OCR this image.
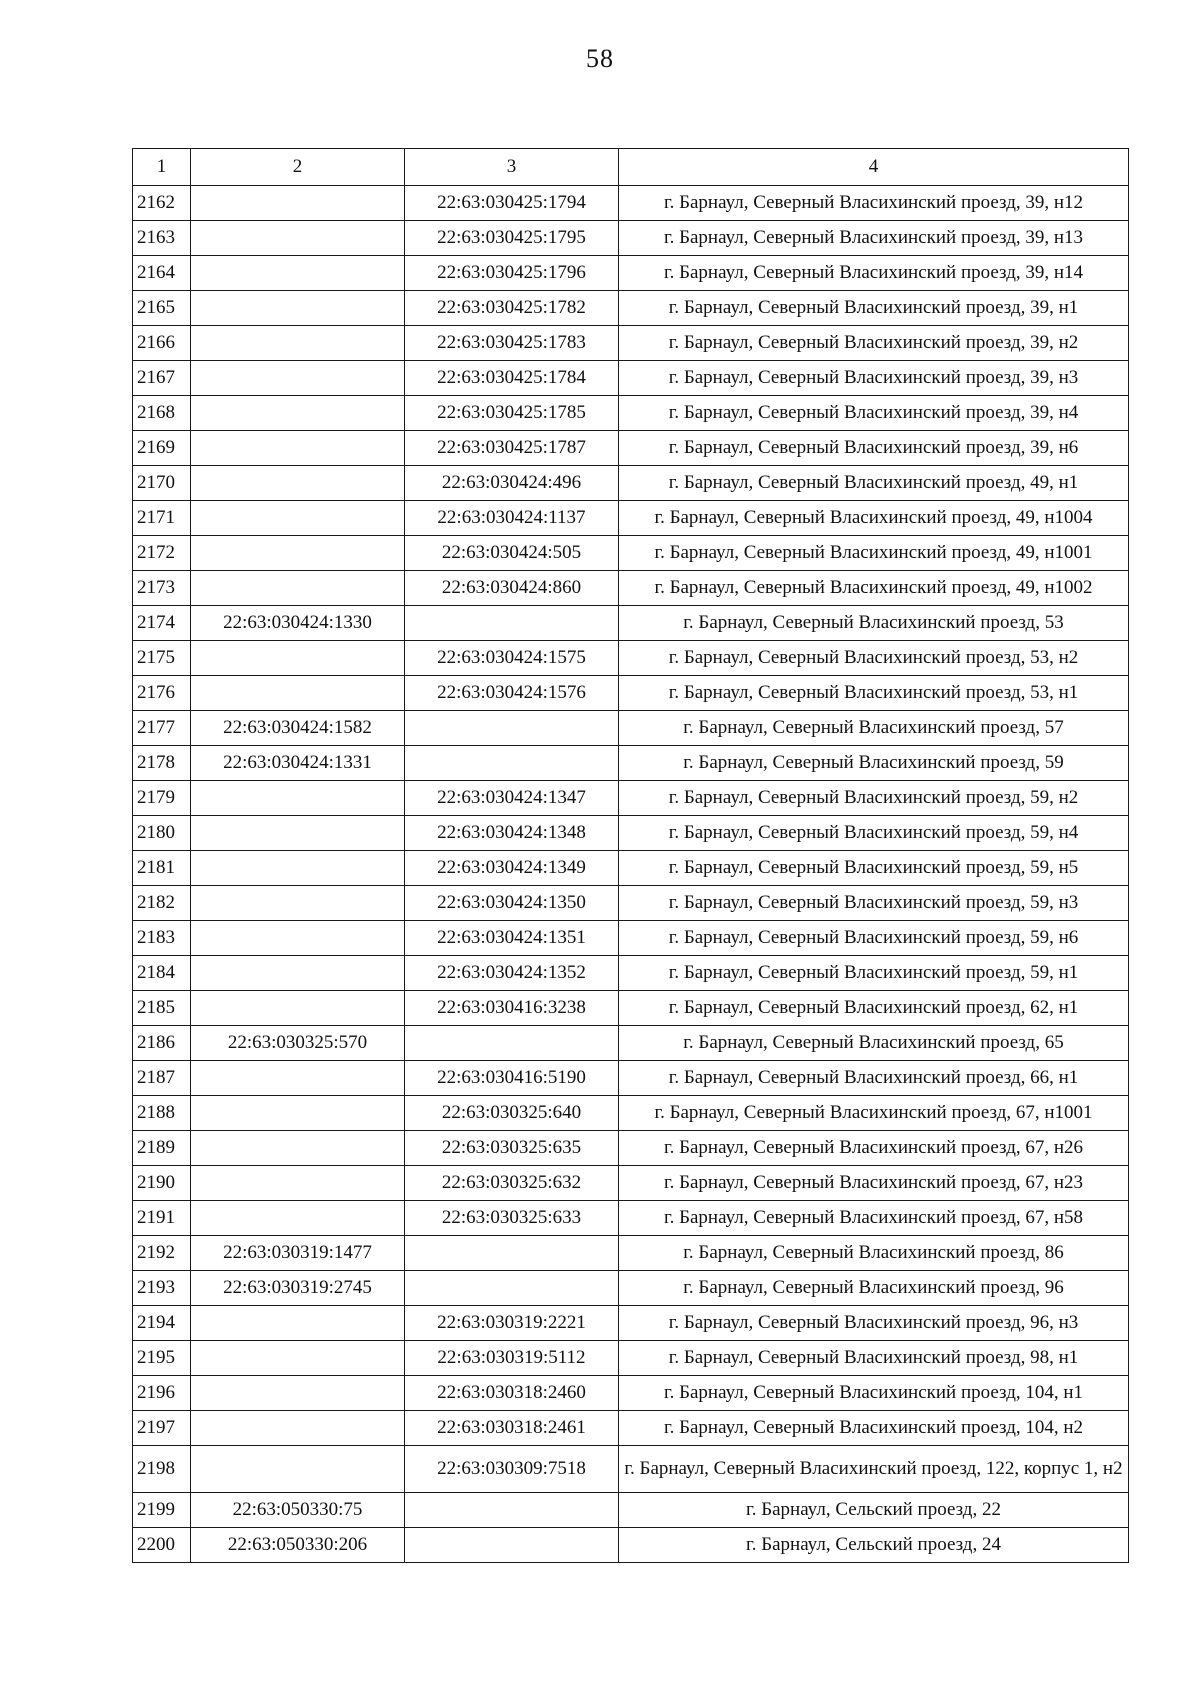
58
1	2	3	4
2162		22:63:030425:1794	г. Барнаул, Северный Власихинский проезд, 39, н12
2163		22:63:030425:1795	г. Барнаул, Северный Власихинский проезд, 39, н13
2164		22:63:030425:1796	г. Барнаул, Северный Власихинский проезд, 39, н14
2165		22:63:030425:1782	г. Барнаул, Северный Власихинский проезд, 39, н1
2166		22:63:030425:1783	г. Барнаул, Северный Власихинский проезд, 39, н2
2167		22:63:030425:1784	г. Барнаул, Северный Власихинский проезд, 39, н3
2168		22:63:030425:1785	г. Барнаул, Северный Власихинский проезд, 39, н4
2169		22:63:030425:1787	г. Барнаул, Северный Власихинский проезд, 39, н6
2170		22:63:030424:496	г. Барнаул, Северный Власихинский проезд, 49, н1
2171		22:63:030424:1137	г. Барнаул, Северный Власихинский проезд, 49, н1004
2172		22:63:030424:505	г. Барнаул, Северный Власихинский проезд, 49, н1001
2173		22:63:030424:860	г. Барнаул, Северный Власихинский проезд, 49, н1002
2174	22:63:030424:1330		г. Барнаул, Северный Власихинский проезд, 53
2175		22:63:030424:1575	г. Барнаул, Северный Власихинский проезд, 53, н2
2176		22:63:030424:1576	г. Барнаул, Северный Власихинский проезд, 53, н1
2177	22:63:030424:1582		г. Барнаул, Северный Власихинский проезд, 57
2178	22:63:030424:1331		г. Барнаул, Северный Власихинский проезд, 59
2179		22:63:030424:1347	г. Барнаул, Северный Власихинский проезд, 59, н2
2180		22:63:030424:1348	г. Барнаул, Северный Власихинский проезд, 59, н4
2181		22:63:030424:1349	г. Барнаул, Северный Власихинский проезд, 59, н5
2182		22:63:030424:1350	г. Барнаул, Северный Власихинский проезд, 59, н3
2183		22:63:030424:1351	г. Барнаул, Северный Власихинский проезд, 59, н6
2184		22:63:030424:1352	г. Барнаул, Северный Власихинский проезд, 59, н1
2185		22:63:030416:3238	г. Барнаул, Северный Власихинский проезд, 62, н1
2186	22:63:030325:570		г. Барнаул, Северный Власихинский проезд, 65
2187		22:63:030416:5190	г. Барнаул, Северный Власихинский проезд, 66, н1
2188		22:63:030325:640	г. Барнаул, Северный Власихинский проезд, 67, н1001
2189		22:63:030325:635	г. Барнаул, Северный Власихинский проезд, 67, н26
2190		22:63:030325:632	г. Барнаул, Северный Власихинский проезд, 67, н23
2191		22:63:030325:633	г. Барнаул, Северный Власихинский проезд, 67, н58
2192	22:63:030319:1477		г. Барнаул, Северный Власихинский проезд, 86
2193	22:63:030319:2745		г. Барнаул, Северный Власихинский проезд, 96
2194		22:63:030319:2221	г. Барнаул, Северный Власихинский проезд, 96, н3
2195		22:63:030319:5112	г. Барнаул, Северный Власихинский проезд, 98, н1
2196		22:63:030318:2460	г. Барнаул, Северный Власихинский проезд, 104, н1
2197		22:63:030318:2461	г. Барнаул, Северный Власихинский проезд, 104, н2
2198		22:63:030309:7518	г. Барнаул, Северный Власихинский проезд, 122, корпус 1, н2
2199	22:63:050330:75		г. Барнаул, Сельский проезд, 22
2200	22:63:050330:206		г. Барнаул, Сельский проезд, 24
